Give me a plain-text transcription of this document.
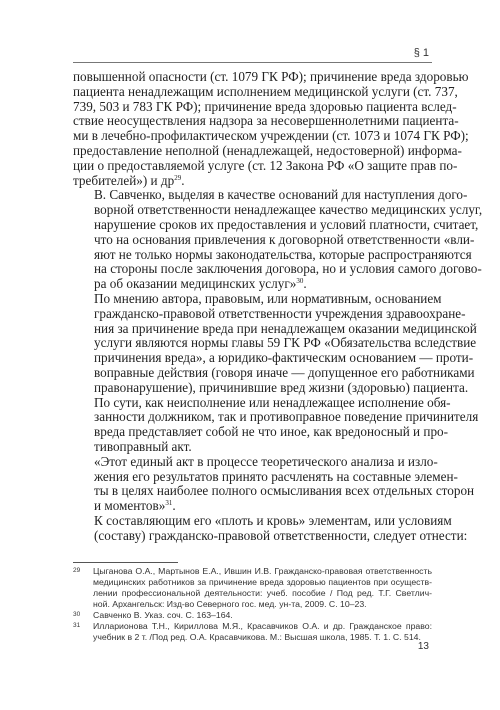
§ 1

повышенной опасности (ст. 1079 ГК РФ); причинение вреда здоровью
пациента ненадлежащим исполнением медицинской услуги (ст. 737,
739, 503 и 783 ГК РФ); причинение вреда здоровью пациента вслед-
ствие неосуществления надзора за несовершеннолетними пациента-
ми в лечебно-профилактическом учреждении (ст. 1073 и 1074 ГК РФ);
предоставление неполной (ненадлежащей, недостоверной) информа-
ции о предоставляемой услуге (ст. 12 Закона РФ «О защите прав по-
требителей») и $др^{29}$.

В. Савченко, выделяя в качестве оснований для наступления дого-
ворной ответственности ненадлежащее качество медицинских услуг,
нарушение сроков их предоставления и условий платности, считает,
что на основания привлечения к договорной ответственности «вли-
яют не только нормы законодательства, которые распространяются
на стороны после заключения договора, но и условия самого догово-
ра об оказании медицинских услуг»$^{30}$.

По мнению автора, правовым, или нормативным, основанием
гражданско-правовой ответственности учреждения здравоохране-
ния за причинение вреда при ненадлежащем оказании медицинской
услуги являются нормы главы 59 ГК РФ «Обязательства вследствие
причинения вреда», а юридико-фактическим основанием — проти-
воправные действия (говоря иначе — допущенное его работниками
правонарушение), причинившие вред жизни (здоровью) пациента.

По сути, как неисполнение или ненадлежащее исполнение обя-
занности должником, так и противоправное поведение причинителя
вреда представляет собой не что иное, как вредоносный и про-
тивоправный акт.

«Этот единый акт в процессе теоретического анализа и изло-
жения его результатов принято расчленять на составные элемен-
ты в целях наиболее полного осмысливания всех отдельных сторон
и моментов»$^{31}$.

К составляющим его «плоть и кровь» элементам, или условиям
(составу) гражданско-правовой ответственности, следует отнести:

29	Цыганова О.А., Мартынов Е.А., Ившин И.В. Гражданско-правовая ответственность
медицинских работников за причинение вреда здоровью пациентов при осуществ-
лении профессиональной деятельности: учеб. пособие / Под ред. Т.Г. Светлич-
ной. Архангельск: Изд-во Северного гос. мед. ун-та, 2009. С. 10–23.
30	Савченко В. Указ. соч. С. 163–164.
31	Илларионова Т.Н., Кириллова М.Я., Красавчиков О.А. и др. Гражданское право:
учебник в 2 т. /Под ред. О.А. Красавчикова. М.: Высшая школа, 1985. Т. 1. С. 514.
13
